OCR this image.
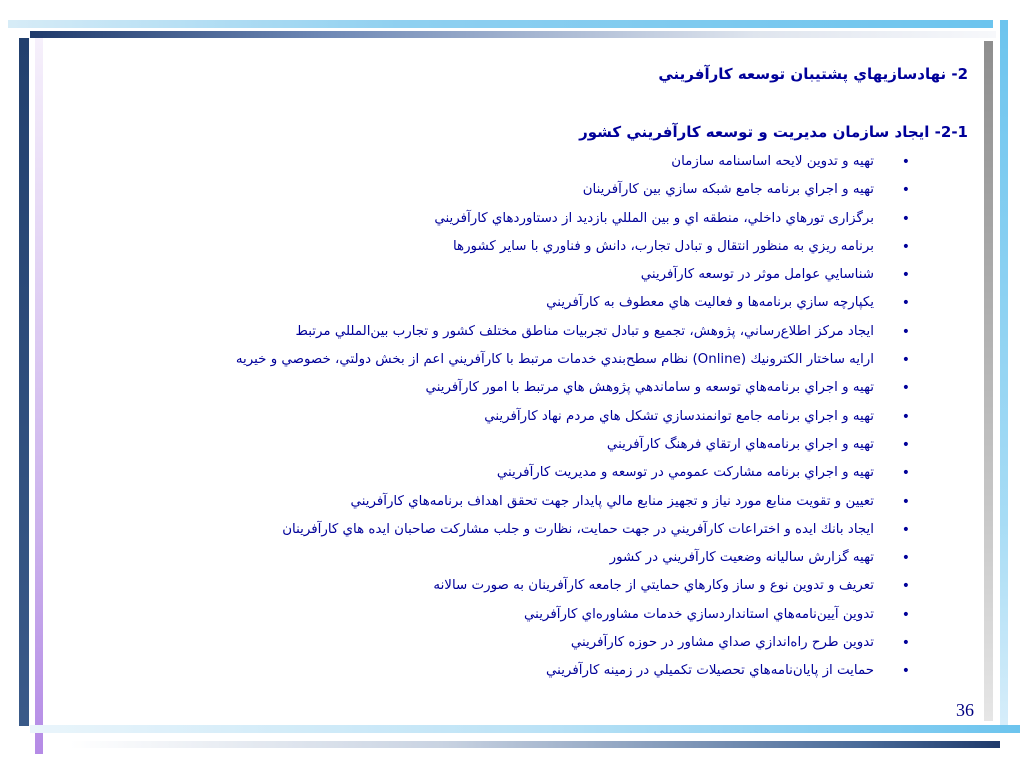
2- نهادسازيهاي پشتيبان توسعه كارآفريني

2-1- ايجاد سازمان مديريت و توسعه كارآفريني كشور

•
تهيه و تدوين لايحه اساسنامه سازمان
•
تهيه و اجراي برنامه جامع شبكه سازي بين كارآفرينان
•
برگزاری تورهاي داخلي، منطقه اي و بين المللي بازديد از دستاوردهاي كارآفريني
•
برنامه ريزي به منظور انتقال و تبادل تجارب، دانش و فناوري با ساير كشورها
•
شناسايي عوامل موثر در توسعه كارآفريني
•
يكپارچه سازي برنامه‌ها و فعاليت هاي معطوف به كارآفريني
•
ايجاد مركز اطلاع‌رساني، پژوهش، تجميع و تبادل تجربيات مناطق مختلف كشور و تجارب بين‌المللي مرتبط
•
ارايه ساختار الكترونيك (Online) نظام سطح‌بندي خدمات مرتبط با كارآفريني اعم از بخش دولتي، خصوصي و خيريه
•
تهيه و اجراي برنامه‌هاي توسعه و ساماندهي پژوهش هاي مرتبط با امور كارآفريني
•
تهيه و اجراي برنامه جامع توانمندسازي تشكل هاي مردم نهاد كارآفريني
•
تهيه و اجراي برنامه‌هاي ارتقاي فرهنگ كارآفريني
•
تهيه و اجراي برنامه مشاركت عمومي در توسعه و مديريت كارآفريني
•
تعيين و تقويت منابع مورد نياز و تجهيز منابع مالي پايدار جهت تحقق اهداف برنامه‌هاي كارآفريني
•
ايجاد بانك ايده و اختراعات كارآفريني در جهت حمايت، نظارت و جلب مشاركت صاحبان ايده هاي كارآفرينان
•
تهيه گزارش ساليانه وضعيت كارآفريني در كشور
•
تعريف و تدوين نوع و ساز وكارهاي حمايتي از جامعه كارآفرينان به صورت سالانه
•
تدوين آيين‌نامه‌هاي استانداردسازي خدمات مشاوره‌اي كارآفريني
•
تدوين طرح راه‌اندازي صداي مشاور در حوزه كارآفريني
•
حمايت از پايان‌نامه‌هاي تحصيلات تكميلي در زمينه كارآفريني
36
